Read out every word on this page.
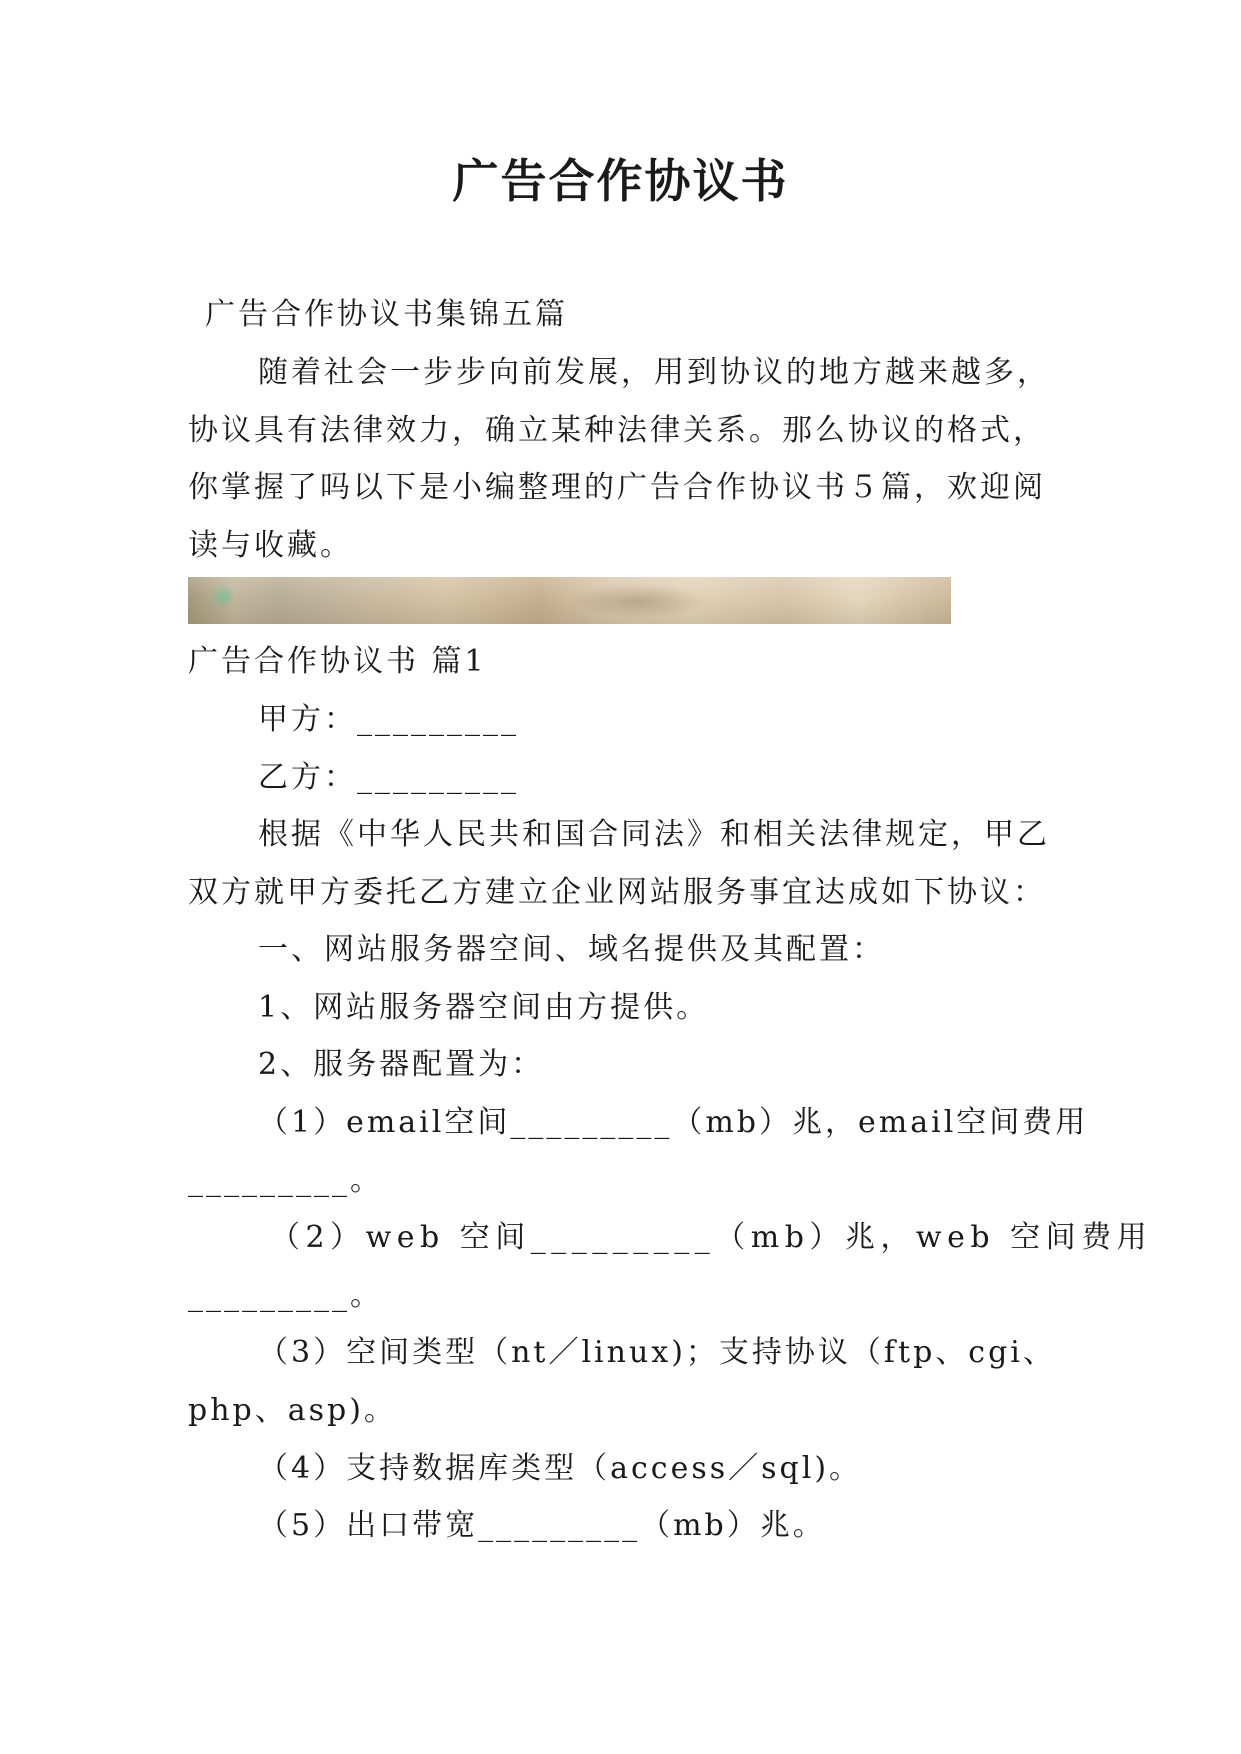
广告合作协议书
广告合作协议书集锦五篇
随着社会一步步向前发展，用到协议的地方越来越多，
协议具有法律效力，确立某种法律关系。那么协议的格式，
你掌握了吗以下是小编整理的广告合作协议书５篇，欢迎阅
读与收藏。
广告合作协议书 篇1
甲方：_________
乙方：_________
根据《中华人民共和国合同法》和相关法律规定，甲乙
双方就甲方委托乙方建立企业网站服务事宜达成如下协议：
一、网站服务器空间、域名提供及其配置：
1、网站服务器空间由方提供。
2、服务器配置为：
（1）email空间_________（mb）兆，email空间费用
_________。
（2）web 空间_________（mb）兆，web 空间费用
_________。
（3）空间类型（nt／linux)；支持协议（ftp、cgi、
php、asp)。
（4）支持数据库类型（access／sql)。
（5）出口带宽_________（mb）兆。
